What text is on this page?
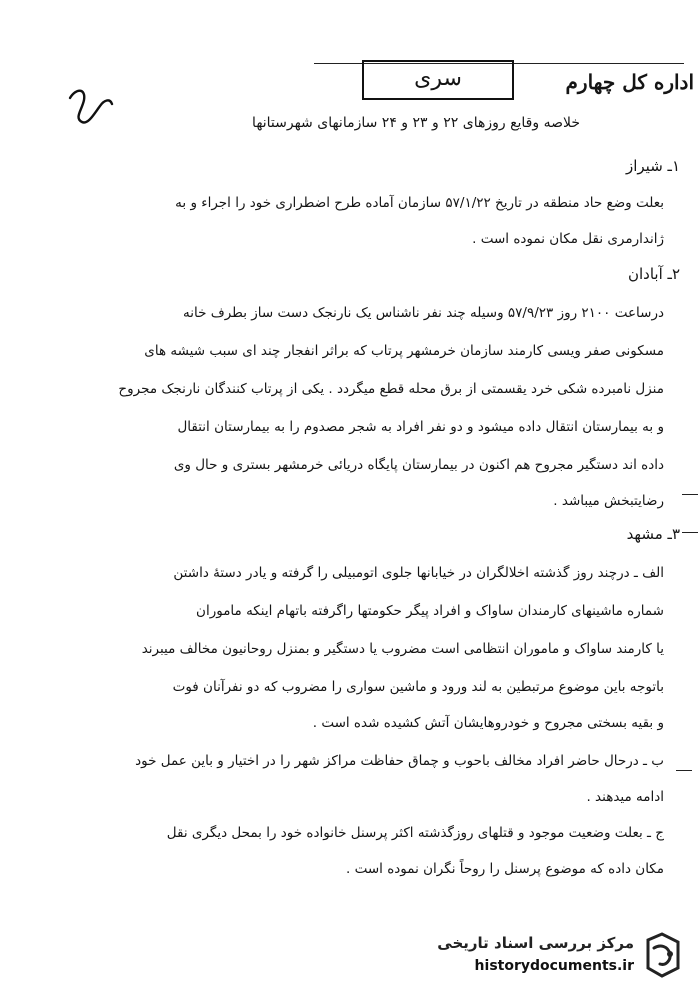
اداره کل چهارم
سری
خلاصه وقایع روزهای ۲۲ و ۲۳ و ۲۴ سازمانهای شهرستانها
۱ـ شیراز
بعلت وضع حاد منطقه در تاریخ ۵۷/۱/۲۲ سازمان آماده طرح اضطراری خود را اجراء و به
ژاندارمری نقل مکان نموده است .
۲ـ آبادان
درساعت ۲۱۰۰ روز ۵۷/۹/۲۳ وسیله چند نفر ناشناس یک نارنجک دست ساز بطرف خانه
مسکونی صفر ویسی کارمند سازمان خرمشهر پرتاب که براثر انفجار چند ای سبب شیشه های
منزل نامبرده شکی خرد یقسمتی از برق محله قطع میگردد . یکی از پرتاب کنندگان نارنجک مجروح
و به بیمارستان انتقال داده میشود و دو نفر افراد به شجر مصدوم را به بیمارستان انتقال
داده اند دستگیر مجروح هم اکنون در بیمارستان پایگاه دریائی خرمشهر بستری و حال وی
رضایتبخش میباشد .
۳ـ مشهد
الف ـ درچند روز گذشته اخلالگران در خیابانها جلوی اتومبیلی را گرفته و یادر دستهٔ داشتن
شماره ماشینهای کارمندان ساواک و افراد پیگر حکومتها راگرفته باتهام اینکه ماموران
یا کارمند ساواک و ماموران انتظامی است مضروب یا دستگیر و بمنزل روحانیون مخالف میبرند
باتوجه باین موضوع مرتبطین به لند ورود و ماشین سواری را مضروب که دو نفرآنان فوت
و بقیه بسختی مجروح و خودروهایشان آتش کشیده شده است .
ب ـ درحال حاضر افراد مخالف باحوب و چماق حفاظت مراکز شهر را در اختیار و باین عمل خود
ادامه میدهند .
ج ـ بعلت وضعیت موجود و قتلهای روزگذشته اکثر پرسنل خانواده خود را بمحل دیگری نقل
مکان داده که موضوع پرسنل را روحاً نگران نموده است .
مرکز بررسی اسناد تاریخی
historydocuments.ir
